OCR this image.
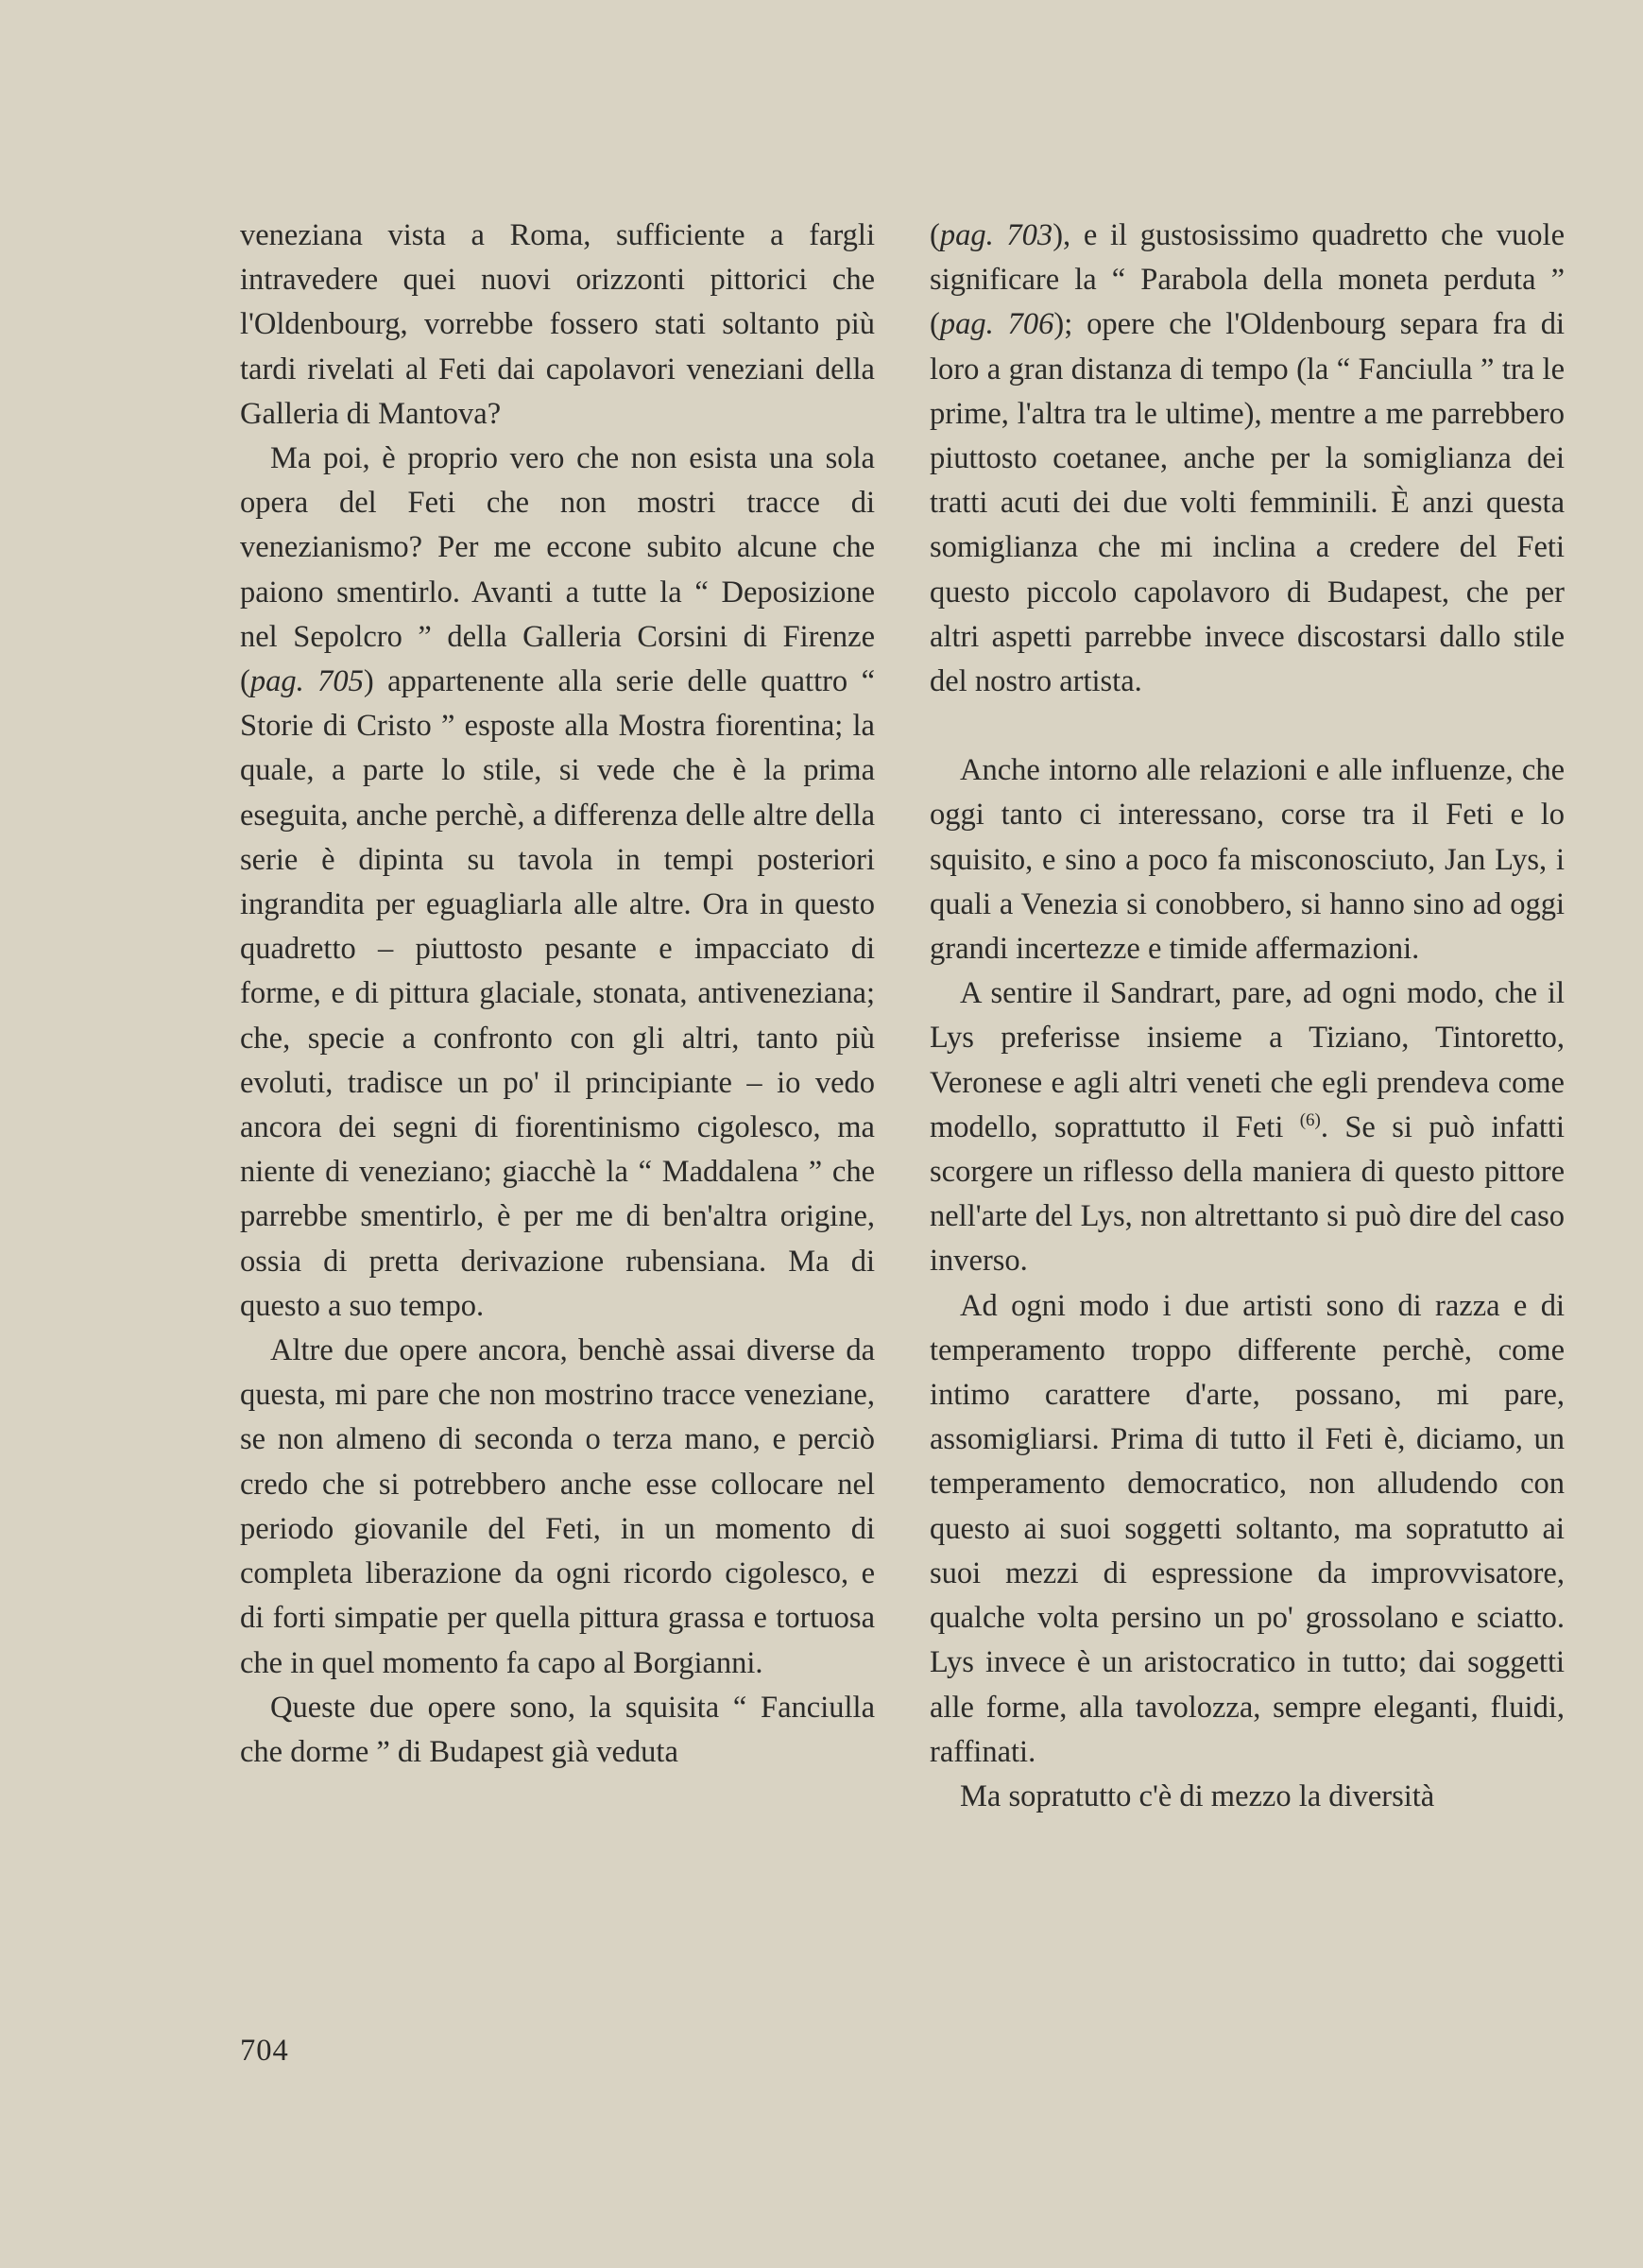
veneziana vista a Roma, sufficiente a fargli intravedere quei nuovi orizzonti pittorici che l'Oldenbourg, vorrebbe fossero stati soltanto più tardi rivelati al Feti dai capolavori veneziani della Galleria di Mantova?

Ma poi, è proprio vero che non esista una sola opera del Feti che non mostri tracce di venezianismo? Per me eccone subito alcune che paiono smentirlo. Avanti a tutte la “ Deposizione nel Sepolcro ” della Galleria Corsini di Firenze (pag. 705) appartenente alla serie delle quattro “ Storie di Cristo ” esposte alla Mostra fiorentina; la quale, a parte lo stile, si vede che è la prima eseguita, anche perchè, a differenza delle altre della serie è dipinta su tavola in tempi posteriori ingrandita per eguagliarla alle altre. Ora in questo quadretto – piuttosto pesante e impacciato di forme, e di pittura glaciale, stonata, antiveneziana; che, specie a confronto con gli altri, tanto più evoluti, tradisce un po' il principiante – io vedo ancora dei segni di fiorentinismo cigolesco, ma niente di veneziano; giacchè la “ Maddalena ” che parrebbe smentirlo, è per me di ben'altra origine, ossia di pretta derivazione rubensiana. Ma di questo a suo tempo.

Altre due opere ancora, benchè assai diverse da questa, mi pare che non mostrino tracce veneziane, se non almeno di seconda o terza mano, e perciò credo che si potrebbero anche esse collocare nel periodo giovanile del Feti, in un momento di completa liberazione da ogni ricordo cigolesco, e di forti simpatie per quella pittura grassa e tortuosa che in quel momento fa capo al Borgianni.

Queste due opere sono, la squisita “ Fanciulla che dorme ” di Budapest già veduta

(pag. 703), e il gustosissimo quadretto che vuole significare la “ Parabola della moneta perduta ” (pag. 706); opere che l'Oldenbourg separa fra di loro a gran distanza di tempo (la “ Fanciulla ” tra le prime, l'altra tra le ultime), mentre a me parrebbero piuttosto coetanee, anche per la somiglianza dei tratti acuti dei due volti femminili. È anzi questa somiglianza che mi inclina a credere del Feti questo piccolo capolavoro di Budapest, che per altri aspetti parrebbe invece discostarsi dallo stile del nostro artista.

Anche intorno alle relazioni e alle influenze, che oggi tanto ci interessano, corse tra il Feti e lo squisito, e sino a poco fa misconosciuto, Jan Lys, i quali a Venezia si conobbero, si hanno sino ad oggi grandi incertezze e timide affermazioni.

A sentire il Sandrart, pare, ad ogni modo, che il Lys preferisse insieme a Tiziano, Tintoretto, Veronese e agli altri veneti che egli prendeva come modello, soprattutto il Feti $^{(6)}$. Se si può infatti scorgere un riflesso della maniera di questo pittore nell'arte del Lys, non altrettanto si può dire del caso inverso.

Ad ogni modo i due artisti sono di razza e di temperamento troppo differente perchè, come intimo carattere d'arte, possano, mi pare, assomigliarsi. Prima di tutto il Feti è, diciamo, un temperamento democratico, non alludendo con questo ai suoi soggetti soltanto, ma sopratutto ai suoi mezzi di espressione da improvvisatore, qualche volta persino un po' grossolano e sciatto. Lys invece è un aristocratico in tutto; dai soggetti alle forme, alla tavolozza, sempre eleganti, fluidi, raffinati.

Ma sopratutto c'è di mezzo la diversità

704
